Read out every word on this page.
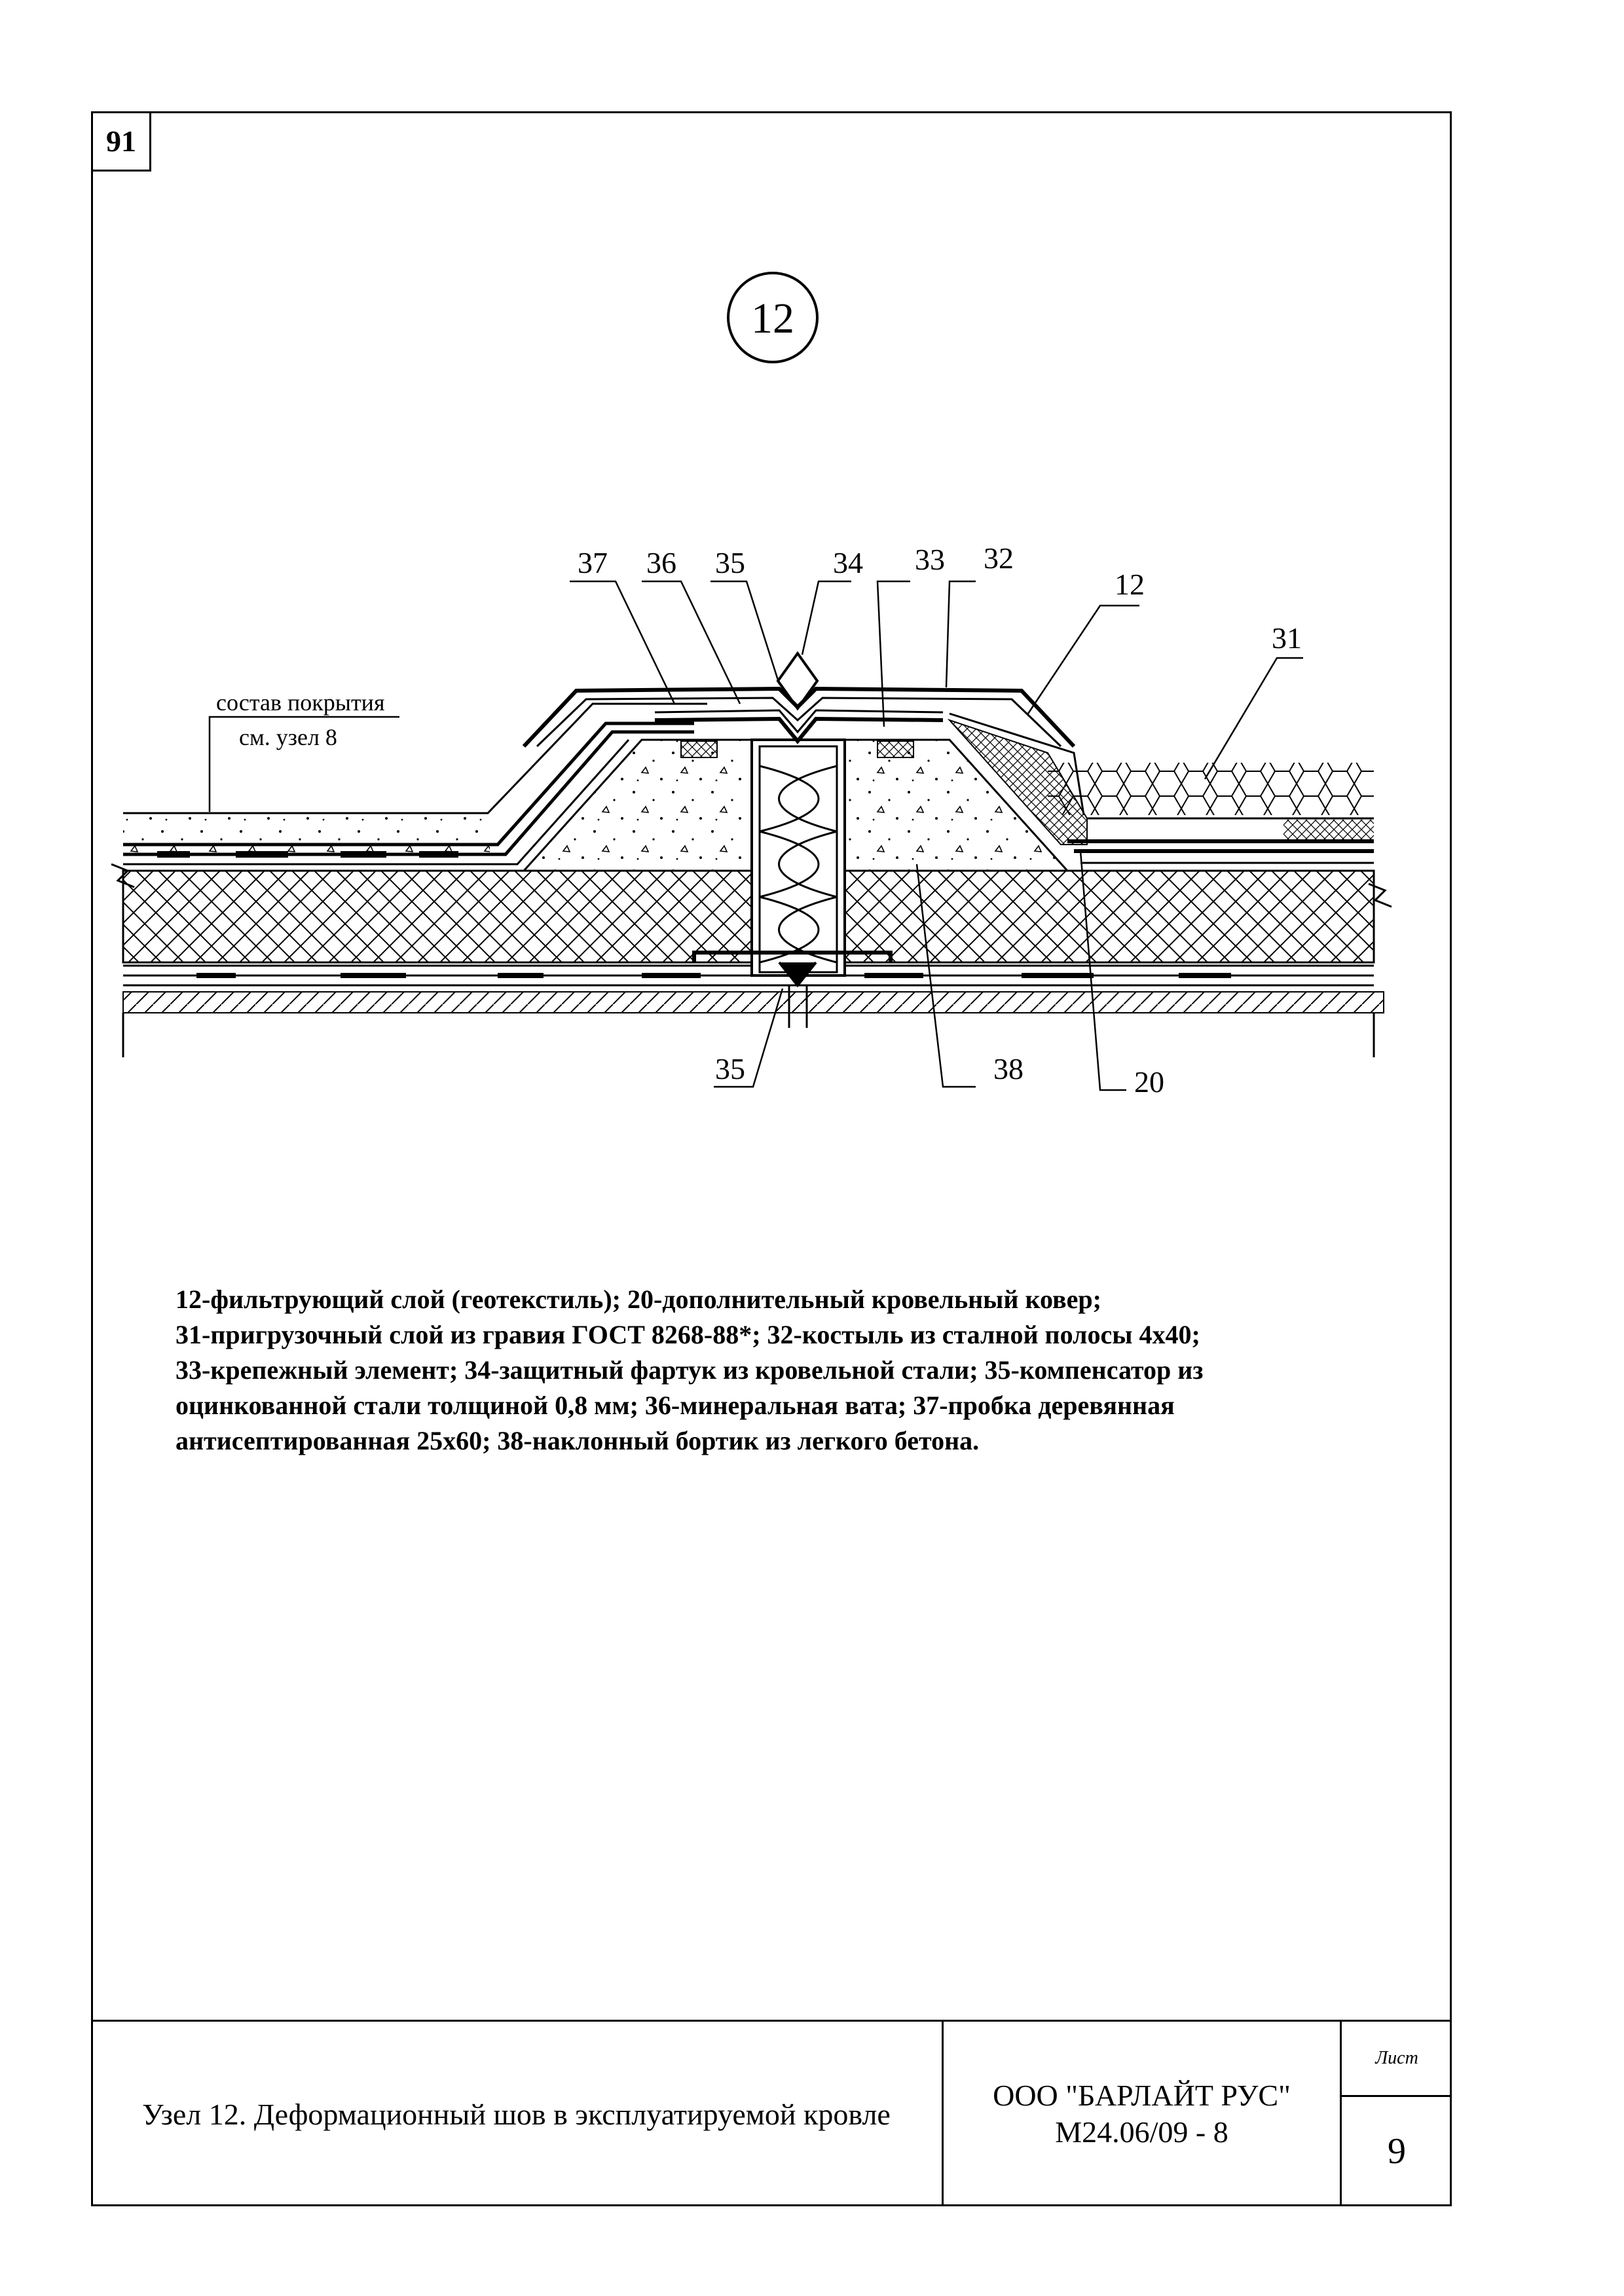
91
12
37 36 35	34 33 32
12
31
35	38	20
состав покрытия
см. узел 8
12-фильтрующий слой (геотекстиль); 20-дополнительный кровельный ковер;
31-пригрузочный слой из гравия ГОСТ 8268-88*; 32-костыль из сталной полосы 4х40;
33-крепежный элемент; 34-защитный фартук из кровельной стали; 35-компенсатор из
оцинкованной стали толщиной 0,8 мм; 36-минеральная вата; 37-пробка деревянная
антисептированная 25х60; 38-наклонный бортик из легкого бетона.
Узел 12. Деформационный шов в эксплуатируемой кровле
ООО "БАРЛАЙТ РУС"
М24.06/09 - 8
Лист
9
